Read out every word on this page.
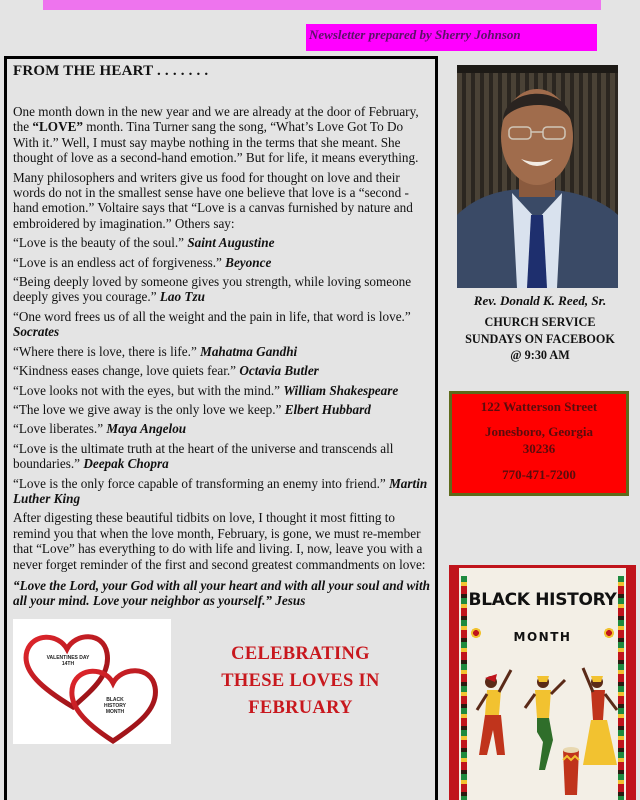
Newsletter prepared by Sherry Johnson
FROM THE HEART . . . . . . .

One month down in the new year and we are already at the door of February, the “LOVE” month. Tina Turner sang the song, “What’s Love Got To Do With it.” Well, I must say maybe nothing in the terms that she meant. She thought of love as a second-hand emotion.” But for life, it means everything.

Many philosophers and writers give us food for thought on love and their words do not in the smallest sense have one believe that love is a “second -hand emotion.” Voltaire says that “Love is a canvas furnished by nature and embroidered by imagination.” Others say:

“Love is the beauty of the soul.” Saint Augustine

“Love is an endless act of forgiveness.” Beyonce

“Being deeply loved by someone gives you strength, while loving someone deeply gives you courage.” Lao Tzu

“One word frees us of all the weight and the pain in life, that word is love.” Socrates

“Where there is love, there is life.” Mahatma Gandhi

“Kindness eases change, love quiets fear.” Octavia Butler

“Love looks not with the eyes, but with the mind.” William Shakespeare

“The love we give away is the only love we keep.” Elbert Hubbard

“Love liberates.” Maya Angelou

“Love is the ultimate truth at the heart of the universe and transcends all boundaries.” Deepak Chopra

“Love is the only force capable of transforming an enemy into friend.” Martin Luther King

After digesting these beautiful tidbits on love, I thought it most fitting to remind you that when the love month, February, is gone, we must re-member that “Love” has everything to do with life and living. I, now, leave you with a never forget reminder of the first and second greatest commandments on love:

“Love the Lord, your God with all your heart and with all your soul and with all your mind. Love your neighbor as yourself.” Jesus

VALENTINES DAY
14TH
BLACK
HISTORY
MONTH
CELEBRATING
THESE LOVES IN
FEBRUARY
Rev. Donald K. Reed, Sr.
CHURCH SERVICE
SUNDAYS ON FACEBOOK
@ 9:30 AM
122 Watterson Street
Jonesboro, Georgia
30236
770-471-7200
BLACK HISTORY
MONTH
